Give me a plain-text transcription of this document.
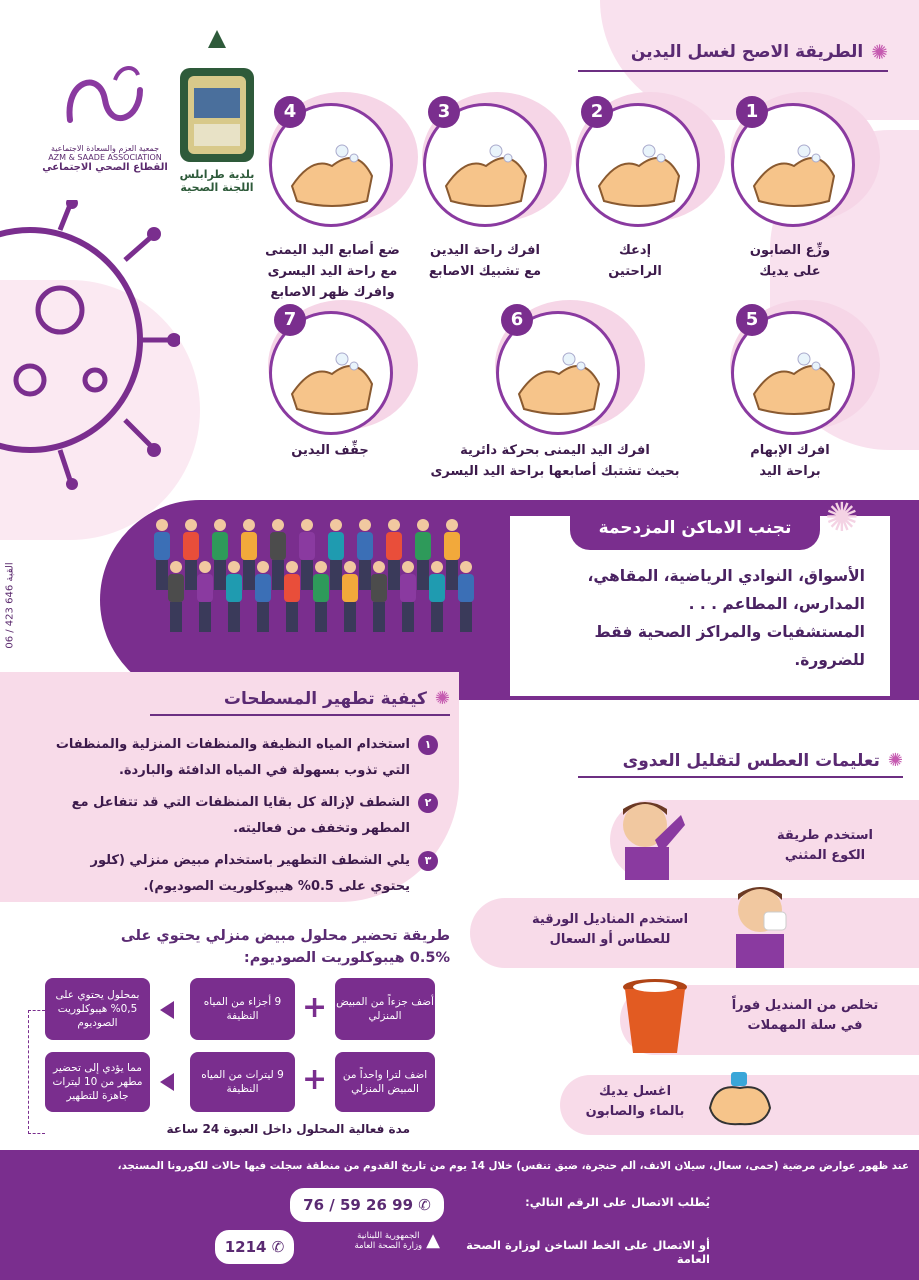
جمعية العزم والسعادة الاجتماعية
AZM & SAADE ASSOCIATION
القطاع الصحي الاجتماعي
بلدية طرابلس
اللجنة الصحية
✺
الطريقة الاصح لغسل اليدين
1
وزِّع الصابون
على يديك
2
إدعك
الراحتين
3
افرك راحة اليدين
مع تشبيك الاصابع
4
ضع أصابع اليد اليمنى
مع راحة اليد اليسرى
وافرك ظهر الاصابع
5
افرك الإبهام
براحة اليد
6
افرك اليد اليمنى بحركة دائرية
بحيث تشتبك أصابعها براحة اليد اليسرى
7
جفِّف اليدين
تجنب الاماكن المزدحمة ✺
الأسواق، النوادي الرياضية، المقاهي،
المدارس، المطاعم . . .
المستشفيات والمراكز الصحية فقط
للضرورة.
القبة 646 423 / 06
✺
كيفية تطهير المسطحات
١
استخدام المياه النظيفة والمنظفات المنزلية والمنظفات
التي تذوب بسهولة في المياه الدافئة والباردة.
٢
الشطف لإزالة كل بقايا المنظفات التي قد تتفاعل مع
المطهر وتخفف من فعاليته.
٣
يلي الشطف التطهير باستخدام مبيض منزلي (كلور
يحتوي على 0.5% هيبوكلوريت الصوديوم).
طريقة تحضير محلول مبيض منزلي يحتوي على
0.5% هيبوكلوريت الصوديوم:
أضف جزءاً من المبيض المنزلي
+
9 أجزاء من المياه النظيفة
بمحلول يحتوي على 0,5% هيبوكلوريت الصوديوم
اضف لترا واحداً من المبيض المنزلي
+
9 ليترات من المياه النظيفة
مما يؤدي إلى تحضير مطهر من 10 ليترات جاهزة للتطهير
مدة فعالية المحلول داخل العبوة 24 ساعة
✺
تعليمات العطس لتقليل العدوى
استخدم طريقة
الكوع المثني
استخدم المناديل الورقية
للعطاس أو السعال
تخلص من المنديل فوراً
في سلة المهملات
اغسل يديك
بالماء والصابون
عند ظهور عوارض مرضية (حمى، سعال، سيلان الانف، ألم حنجرة، ضيق تنفس) خلال 14 يوم من تاريخ القدوم من منطقة سجلت فيها حالات للكورونا المستجد،
يُطلب الاتصال على الرقم التالي:
✆ 76 / 59 26 99
أو الاتصال على الخط الساخن لوزارة الصحة العامة
▲
الجمهورية اللبنانية
وزارة الصحة العامة
✆ 1214
